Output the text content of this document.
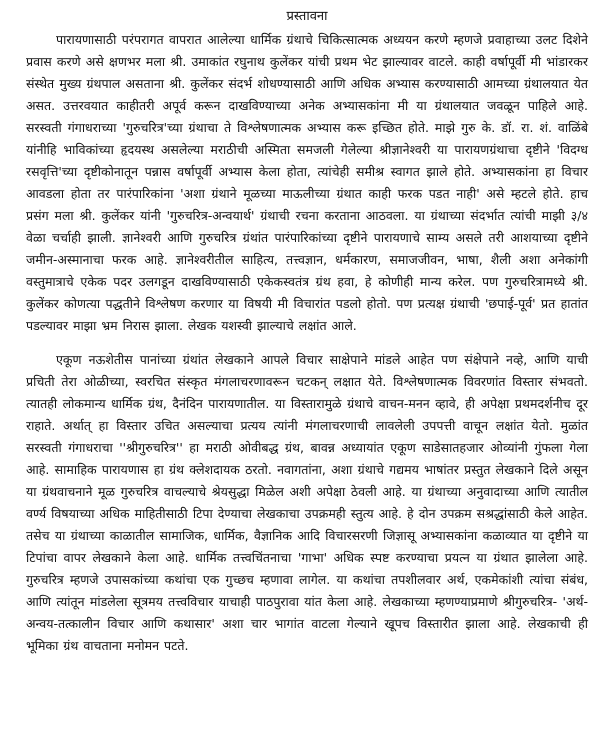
प्रस्तावना

पारायणासाठी परंपरागत वापरात आलेल्या धार्मिक ग्रंथाचे चिकित्सात्मक अध्ययन करणे म्हणजे प्रवाहाच्या उलट दिशेने प्रवास करणे असे क्षणभर मला श्री. उमाकांत रघुनाथ कुलेंकर यांची प्रथम भेट झाल्यावर वाटले. काही वर्षापूर्वी मी भांडारकर संस्थेत मुख्य ग्रंथपाल असताना श्री. कुलेंकर संदर्भ शोधण्यासाठी आणि अधिक अभ्यास करण्यासाठी आमच्या ग्रंथालयात येत असत. उत्तरवयात काहीतरी अपूर्व करून दाखविण्याच्या अनेक अभ्यासकांना मी या ग्रंथालयात जवळून पाहिले आहे. सरस्वती गंगाधराच्या 'गुरुचरित्र'च्या ग्रंथाचा ते विश्लेषणात्मक अभ्यास करू इच्छित होते. माझे गुरु के. डॉ. रा. शं. वाळिंबे यांनीहि भाविकांच्या हृदयस्थ असलेल्या मराठीची अस्मिता समजली गेलेल्या श्रीज्ञानेश्वरी या पारायणग्रंथाचा दृष्टीने 'विदग्ध रसवृत्ति'च्या दृष्टीकोनातून पन्नास वर्षापूर्वी अभ्यास केला होता, त्यांचेही समीश्र स्वागत झाले होते. अभ्यासकांना हा विचार आवडला होता तर पारंपारिकांना 'अशा ग्रंथाने मूळच्या माऊलीच्या ग्रंथात काही फरक पडत नाही' असे म्हटले होते. हाच प्रसंग मला श्री. कुलेंकर यांनी 'गुरुचरित्र-अन्वयार्थ' ग्रंथाची रचना करताना आठवला. या ग्रंथाच्या संदर्भात त्यांची माझी ३/४ वेळा चर्चाही झाली. ज्ञानेश्वरी आणि गुरुचरित्र ग्रंथांत पारंपारिकांच्या दृष्टीने पारायणाचे साम्य असले तरी आशयाच्या दृष्टीने जमीन-अस्मानाचा फरक आहे. ज्ञानेश्वरीतील साहित्य, तत्त्वज्ञान, धर्मकारण, समाजजीवन, भाषा, शैली अशा अनेकांगी वस्तुमात्राचे एकेक पदर उलगडून दाखविण्यासाठी एकेकस्वतंत्र ग्रंथ हवा, हे कोणीही मान्य करेल. पण गुरुचरित्रामध्ये श्री. कुलेंकर कोणत्या पद्धतीने विश्लेषण करणार या विषयी मी विचारांत पडलो होतो. पण प्रत्यक्ष ग्रंथाची 'छपाई-पूर्व' प्रत हातांत पडल्यावर माझा भ्रम निरास झाला. लेखक यशस्वी झाल्याचे लक्षांत आले.

एकूण नऊशेतीस पानांच्या ग्रंथांत लेखकाने आपले विचार साक्षेपाने मांडले आहेत पण संक्षेपाने नव्हे, आणि याची प्रचिती तेरा ओळीच्या, स्वरचित संस्कृत मंगलाचरणावरून चटकन् लक्षात येते. विश्लेषणात्मक विवरणांत विस्तार संभवतो. त्यातही लोकमान्य धार्मिक ग्रंथ, दैनंदिन पारायणातील. या विस्तारामुळे ग्रंथाचे वाचन-मनन व्हावे, ही अपेक्षा प्रथमदर्शनीच दूर राहाते. अर्थात् हा विस्तार उचित असल्याचा प्रत्यय त्यांनी मंगलाचरणाची लावलेली उपपत्ती वाचून लक्षांत येतो. मुळांत सरस्वती गंगाधराचा ''श्रीगुरुचरित्र'' हा मराठी ओवीबद्ध ग्रंथ, बावन्न अध्यायांत एकूण साडेसातहजार ओव्यांनी गुंफला गेला आहे. सामाहिक पारायणास हा ग्रंथ क्लेशदायक ठरतो. नवागतांना, अशा ग्रंथाचे गद्यमय भाषांतर प्रस्तुत लेखकाने दिले असून या ग्रंथवाचनाने मूळ गुरुचरित्र वाचल्याचे श्रेयसुद्धा मिळेल अशी अपेक्षा ठेवली आहे. या ग्रंथाच्या अनुवादाच्या आणि त्यातील वर्ण्य विषयाच्या अधिक माहितीसाठी टिपा देण्याचा लेखकाचा उपक्रमही स्तुत्य आहे. हे दोन उपक्रम सश्रद्धांसाठी केले आहेत. तसेच या ग्रंथाच्या काळातील सामाजिक, धार्मिक, वैज्ञानिक आदि विचारसरणी जिज्ञासू अभ्यासकांना कळाव्यात या दृष्टीने या टिपांचा वापर लेखकाने केला आहे. धार्मिक तत्त्वचिंतनाचा 'गाभा' अधिक स्पष्ट करण्याचा प्रयत्न या ग्रंथात झालेला आहे. गुरुचरित्र म्हणजे उपासकांच्या कथांचा एक गुच्छच म्हणावा लागेल. या कथांचा तपशीलवार अर्थ, एकमेकांशी त्यांचा संबंध, आणि त्यांतून मांडलेला सूत्रमय तत्त्वविचार याचाही पाठपुरावा यांत केला आहे. लेखकाच्या म्हणण्याप्रमाणे श्रीगुरुचरित्र- 'अर्थ-अन्वय-तत्कालीन विचार आणि कथासार' अशा चार भागांत वाटला गेल्याने खूपच विस्तारीत झाला आहे. लेखकाची ही भूमिका ग्रंथ वाचताना मनोमन पटते.
